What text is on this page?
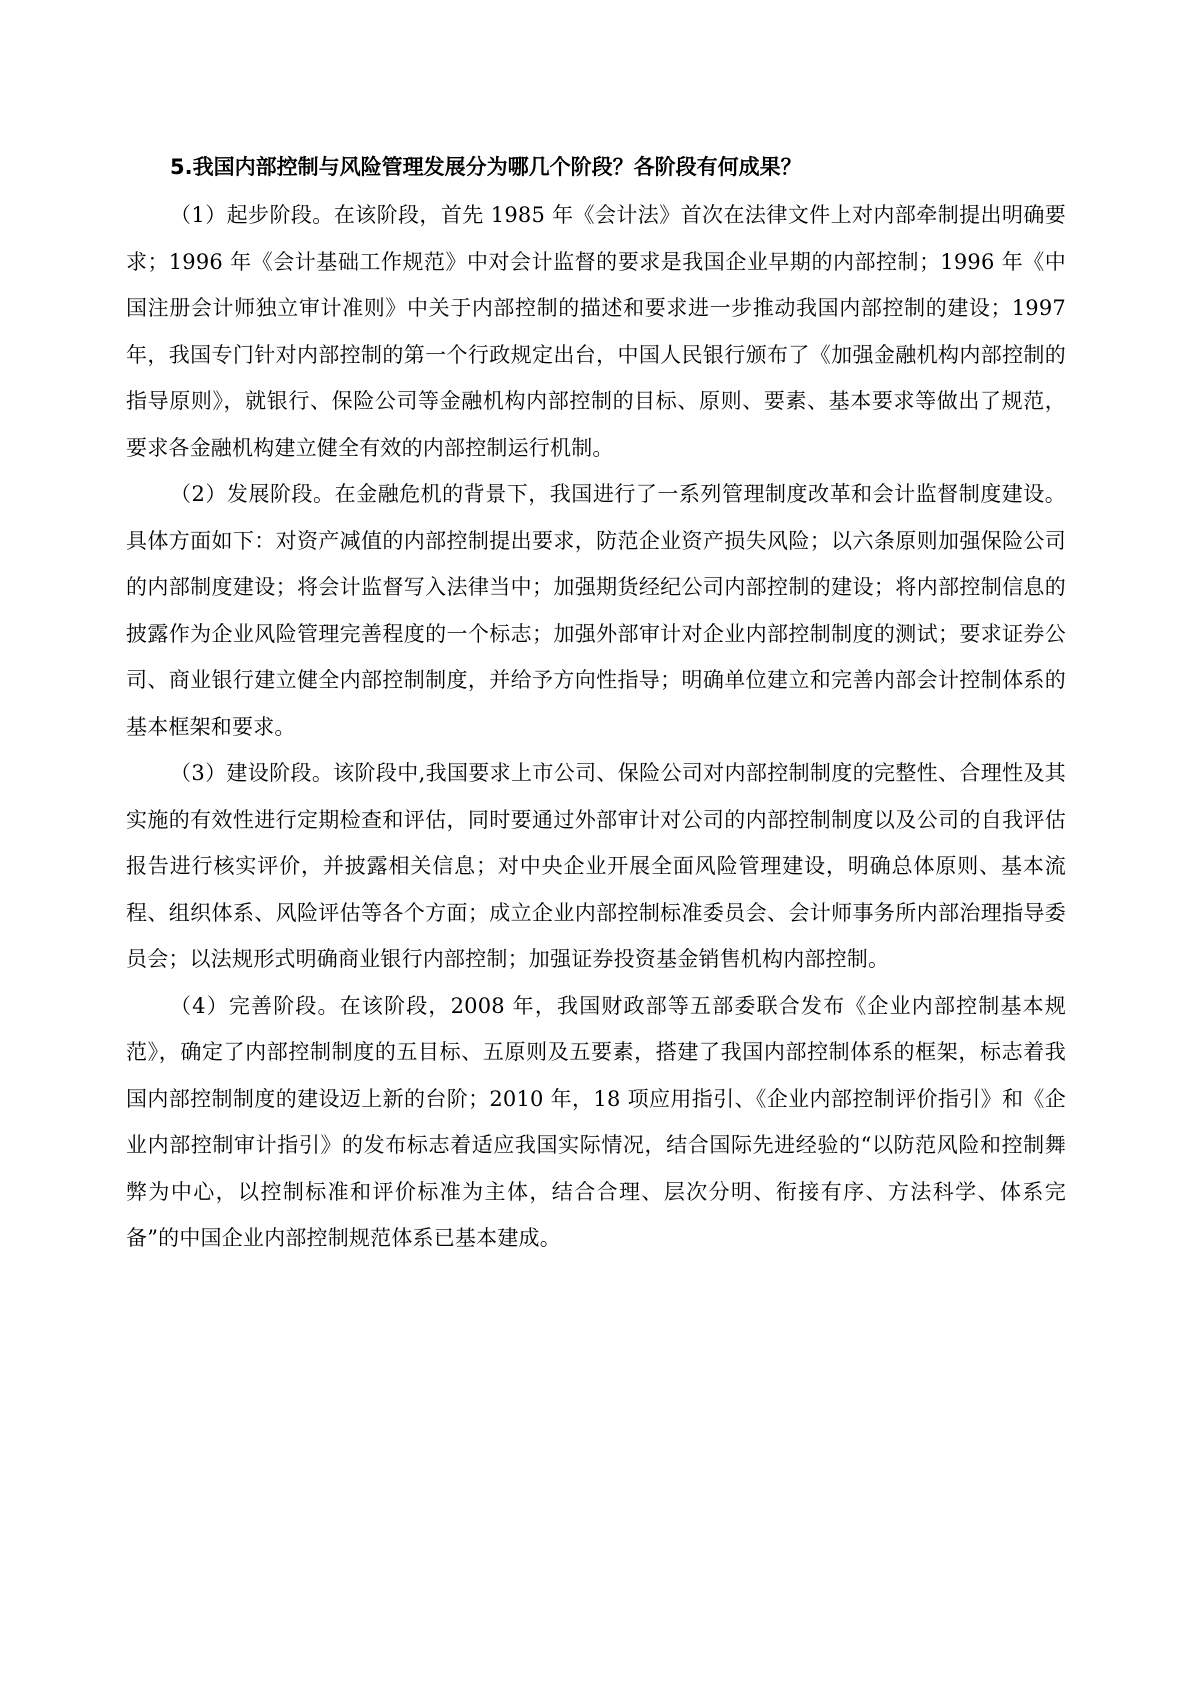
5.我国内部控制与风险管理发展分为哪几个阶段？各阶段有何成果？

（1）起步阶段。在该阶段，首先 1985 年《会计法》首次在法律文件上对内部牵制提出明确要求；1996 年《会计基础工作规范》中对会计监督的要求是我国企业早期的内部控制；1996 年《中国注册会计师独立审计准则》中关于内部控制的描述和要求进一步推动我国内部控制的建设；1997 年，我国专门针对内部控制的第一个行政规定出台，中国人民银行颁布了《加强金融机构内部控制的指导原则》，就银行、保险公司等金融机构内部控制的目标、原则、要素、基本要求等做出了规范，要求各金融机构建立健全有效的内部控制运行机制。

（2）发展阶段。在金融危机的背景下，我国进行了一系列管理制度改革和会计监督制度建设。具体方面如下：对资产减值的内部控制提出要求，防范企业资产损失风险；以六条原则加强保险公司的内部制度建设；将会计监督写入法律当中；加强期货经纪公司内部控制的建设；将内部控制信息的披露作为企业风险管理完善程度的一个标志；加强外部审计对企业内部控制制度的测试；要求证券公司、商业银行建立健全内部控制制度，并给予方向性指导；明确单位建立和完善内部会计控制体系的基本框架和要求。

（3）建设阶段。该阶段中,我国要求上市公司、保险公司对内部控制制度的完整性、合理性及其实施的有效性进行定期检查和评估，同时要通过外部审计对公司的内部控制制度以及公司的自我评估报告进行核实评价，并披露相关信息；对中央企业开展全面风险管理建设，明确总体原则、基本流程、组织体系、风险评估等各个方面；成立企业内部控制标准委员会、会计师事务所内部治理指导委员会；以法规形式明确商业银行内部控制；加强证券投资基金销售机构内部控制。

（4）完善阶段。在该阶段，2008 年，我国财政部等五部委联合发布《企业内部控制基本规范》，确定了内部控制制度的五目标、五原则及五要素，搭建了我国内部控制体系的框架，标志着我国内部控制制度的建设迈上新的台阶；2010 年，18 项应用指引、《企业内部控制评价指引》和《企业内部控制审计指引》的发布标志着适应我国实际情况，结合国际先进经验的“以防范风险和控制舞弊为中心，以控制标准和评价标准为主体，结合合理、层次分明、衔接有序、方法科学、体系完备”的中国企业内部控制规范体系已基本建成。
